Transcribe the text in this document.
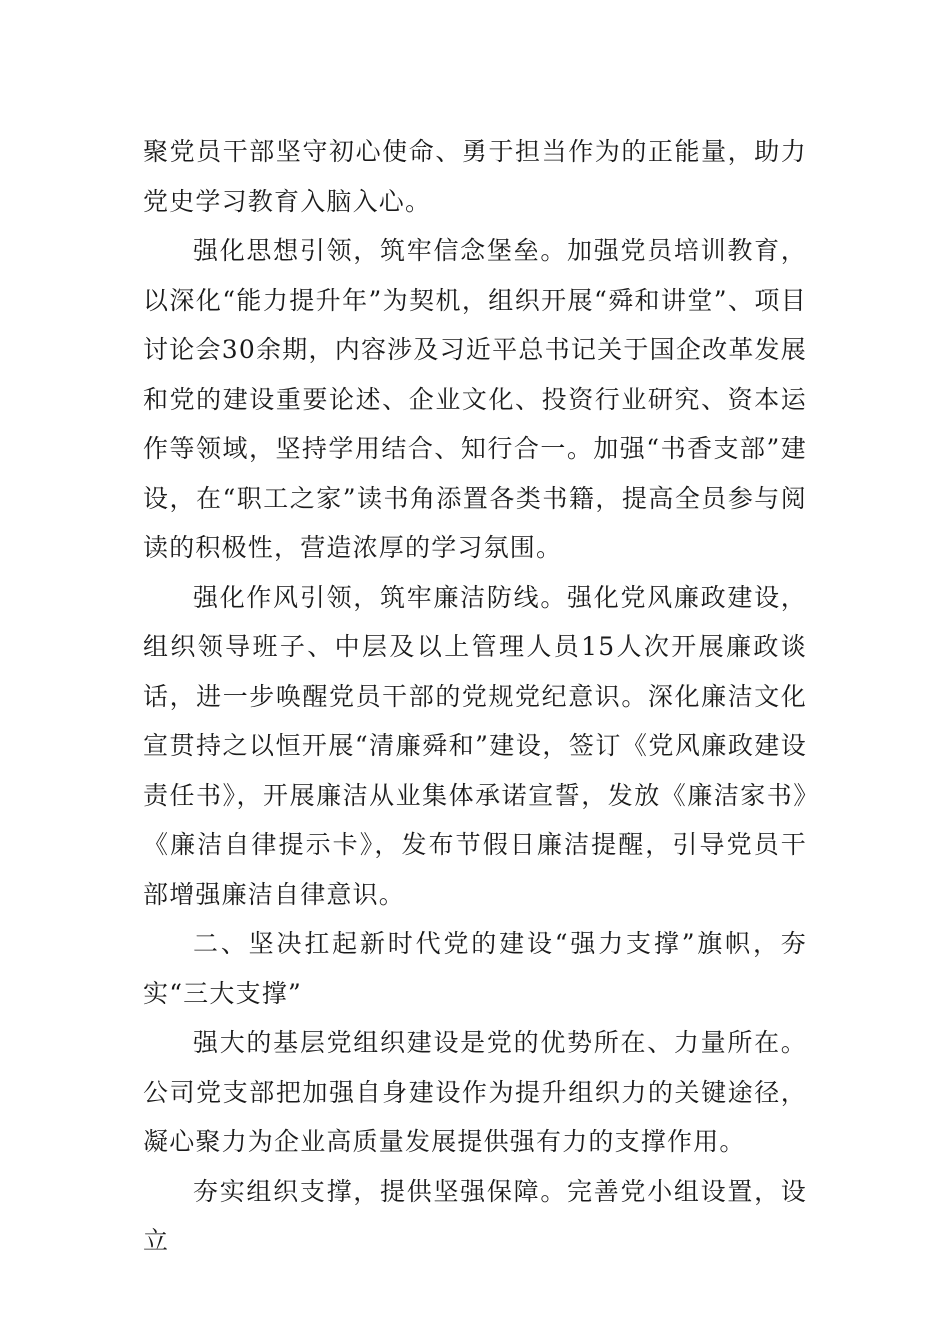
聚党员干部坚守初心使命、勇于担当作为的正能量，助力党史学习教育入脑入心。

强化思想引领，筑牢信念堡垒。加强党员培训教育，以深化“能力提升年”为契机，组织开展“舜和讲堂”、项目讨论会30余期，内容涉及习近平总书记关于国企改革发展和党的建设重要论述、企业文化、投资行业研究、资本运作等领域，坚持学用结合、知行合一。加强“书香支部”建设，在“职工之家”读书角添置各类书籍，提高全员参与阅读的积极性，营造浓厚的学习氛围。

强化作风引领，筑牢廉洁防线。强化党风廉政建设，组织领导班子、中层及以上管理人员15人次开展廉政谈话，进一步唤醒党员干部的党规党纪意识。深化廉洁文化宣贯持之以恒开展“清廉舜和”建设，签订《党风廉政建设责任书》，开展廉洁从业集体承诺宣誓，发放《廉洁家书》《廉洁自律提示卡》，发布节假日廉洁提醒，引导党员干部增强廉洁自律意识。

二、坚决扛起新时代党的建设“强力支撑”旗帜，夯实“三大支撑”

强大的基层党组织建设是党的优势所在、力量所在。公司党支部把加强自身建设作为提升组织力的关键途径，凝心聚力为企业高质量发展提供强有力的支撑作用。

夯实组织支撑，提供坚强保障。完善党小组设置，设立
